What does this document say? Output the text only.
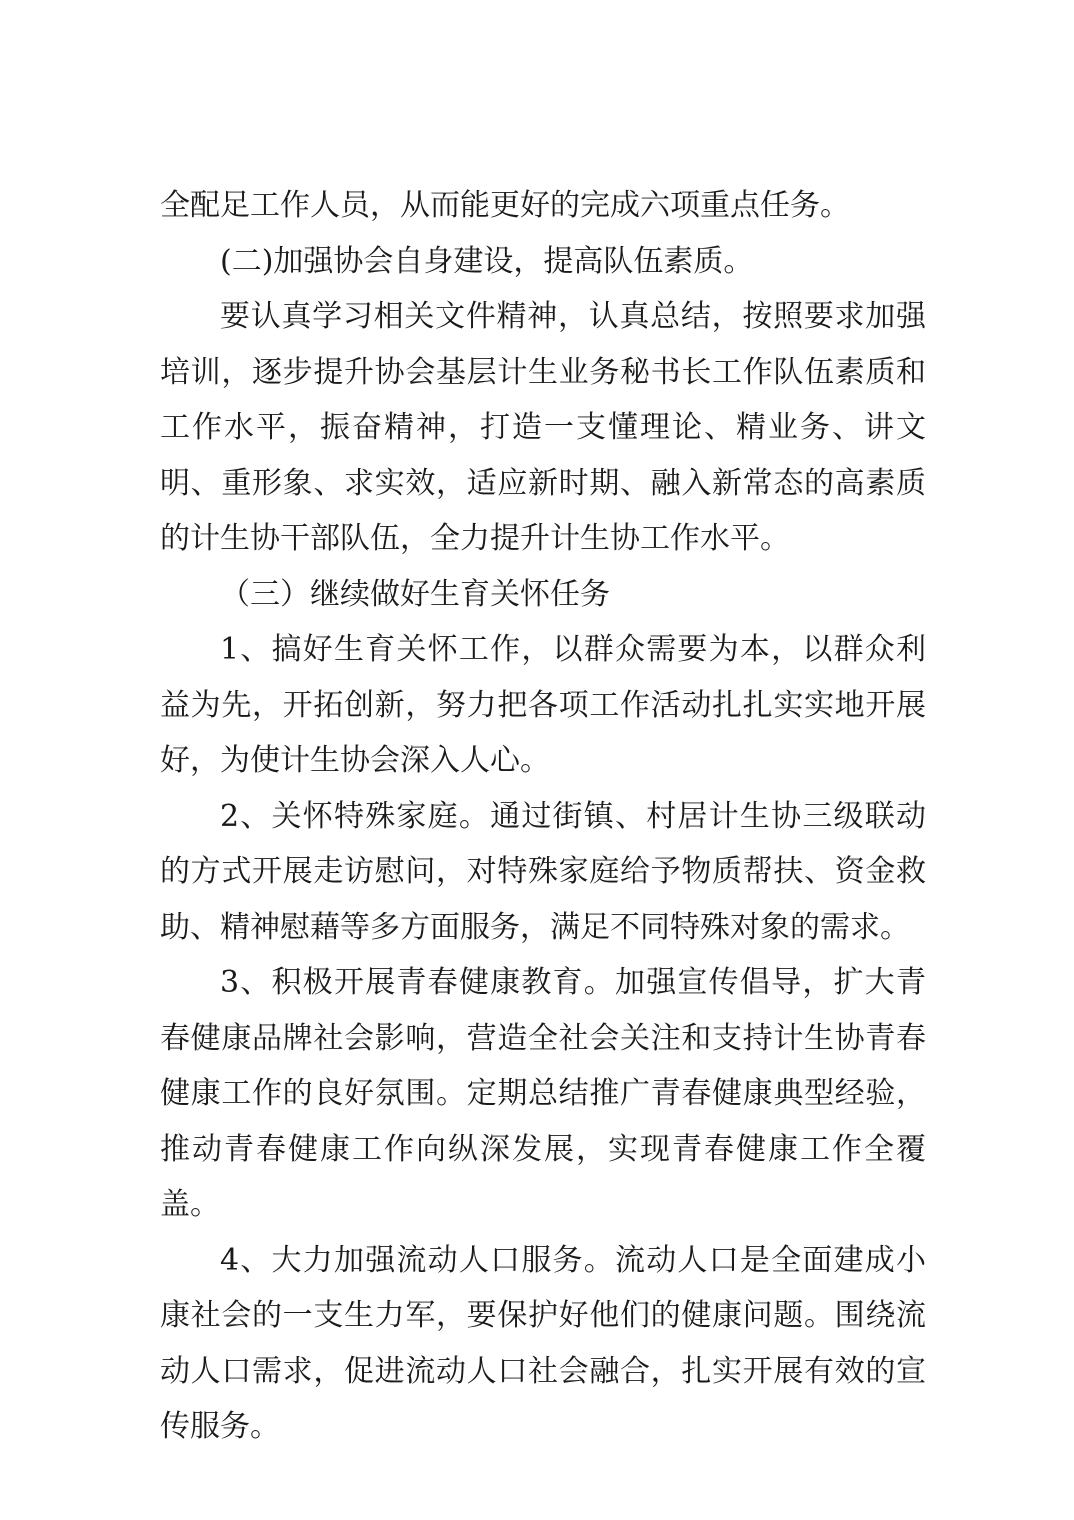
全配足工作人员，从而能更好的完成六项重点任务。

(二)加强协会自身建设，提高队伍素质。

要认真学习相关文件精神，认真总结，按照要求加强培训，逐步提升协会基层计生业务秘书长工作队伍素质和工作水平，振奋精神，打造一支懂理论、精业务、讲文明、重形象、求实效，适应新时期、融入新常态的高素质的计生协干部队伍，全力提升计生协工作水平。

（三）继续做好生育关怀任务

1、搞好生育关怀工作，以群众需要为本，以群众利益为先，开拓创新，努力把各项工作活动扎扎实实地开展好，为使计生协会深入人心。

2、关怀特殊家庭。通过街镇、村居计生协三级联动的方式开展走访慰问，对特殊家庭给予物质帮扶、资金救助、精神慰藉等多方面服务，满足不同特殊对象的需求。

3、积极开展青春健康教育。加强宣传倡导，扩大青春健康品牌社会影响，营造全社会关注和支持计生协青春健康工作的良好氛围。定期总结推广青春健康典型经验，推动青春健康工作向纵深发展，实现青春健康工作全覆盖。

4、大力加强流动人口服务。流动人口是全面建成小康社会的一支生力军，要保护好他们的健康问题。围绕流动人口需求，促进流动人口社会融合，扎实开展有效的宣传服务。
